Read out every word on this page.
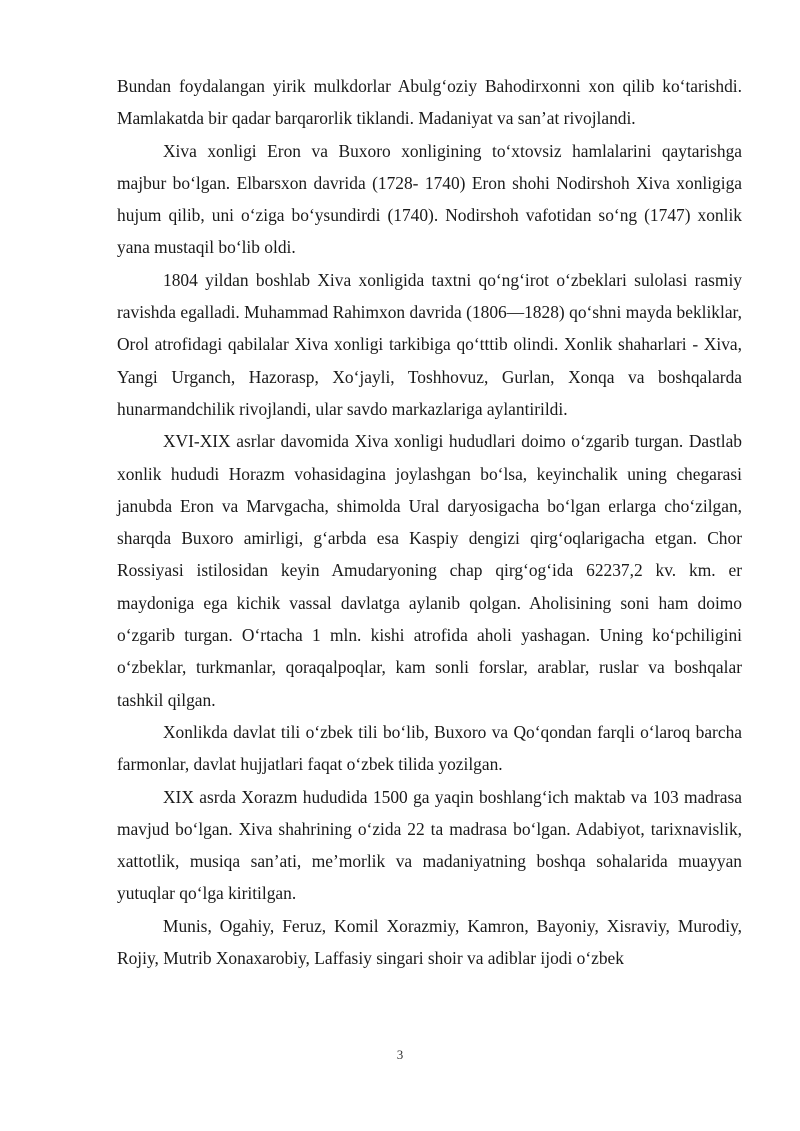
Bundan foydalangan yirik mulkdorlar Abulg‘oziy Bahodirxonni xon qilib ko‘tarishdi. Mamlakatda bir qadar barqarorlik tiklandi. Madaniyat va san’at rivojlandi.

Xiva xonligi Eron va Buxoro xonligining to‘xtovsiz hamlalarini qaytarishga majbur bo‘lgan. Elbarsxon davrida (1728- 1740) Eron shohi Nodirshoh Xiva xonligiga hujum qilib, uni o‘ziga bo‘ysundirdi (1740). Nodirshoh vafotidan so‘ng (1747) xonlik yana mustaqil bo‘lib oldi.

1804 yildan boshlab Xiva xonligida taxtni qo‘ng‘irot o‘zbeklari sulolasi rasmiy ravishda egalladi. Muhammad Rahimxon davrida (1806—1828) qo‘shni mayda bekliklar, Orol atrofidagi qabilalar Xiva xonligi tarkibiga qo‘tttib olindi. Xonlik shaharlari - Xiva, Yangi Urganch, Hazorasp, Xo‘jayli, Toshhovuz, Gurlan, Xonqa va boshqalarda hunarmandchilik rivojlandi, ular savdo markazlariga aylantirildi.

XVI-XIX asrlar davomida Xiva xonligi hududlari doimo o‘zgarib turgan. Dastlab xonlik hududi Horazm vohasidagina joylashgan bo‘lsa, keyinchalik uning chegarasi janubda Eron va Marvgacha, shimolda Ural daryosigacha bo‘lgan erlarga cho‘zilgan, sharqda Buxoro amirligi, g‘arbda esa Kaspiy dengizi qirg‘oqlarigacha etgan. Chor Rossiyasi istilosidan keyin Amudaryoning chap qirg‘og‘ida 62237,2 kv. km. er maydoniga ega kichik vassal davlatga aylanib qolgan. Aholisining soni ham doimo o‘zgarib turgan. O‘rtacha 1 mln. kishi atrofida aholi yashagan. Uning ko‘pchiligini o‘zbeklar, turkmanlar, qoraqalpoqlar, kam sonli forslar, arablar, ruslar va boshqalar tashkil qilgan.

Xonlikda davlat tili o‘zbek tili bo‘lib, Buxoro va Qo‘qondan farqli o‘laroq barcha farmonlar, davlat hujjatlari faqat o‘zbek tilida yozilgan.

XIX asrda Xorazm hududida 1500 ga yaqin boshlang‘ich maktab va 103 madrasa mavjud bo‘lgan. Xiva shahrining o‘zida 22 ta madrasa bo‘lgan. Adabiyot, tarixnavislik, xattotlik, musiqa san’ati, me’morlik va madaniyatning boshqa sohalarida muayyan yutuqlar qo‘lga kiritilgan.

Munis, Ogahiy, Feruz, Komil Xorazmiy, Kamron, Bayoniy, Xisraviy, Murodiy, Rojiy, Mutrib Xonaxarobiy, Laffasiy singari shoir va adiblar ijodi o‘zbek

3
